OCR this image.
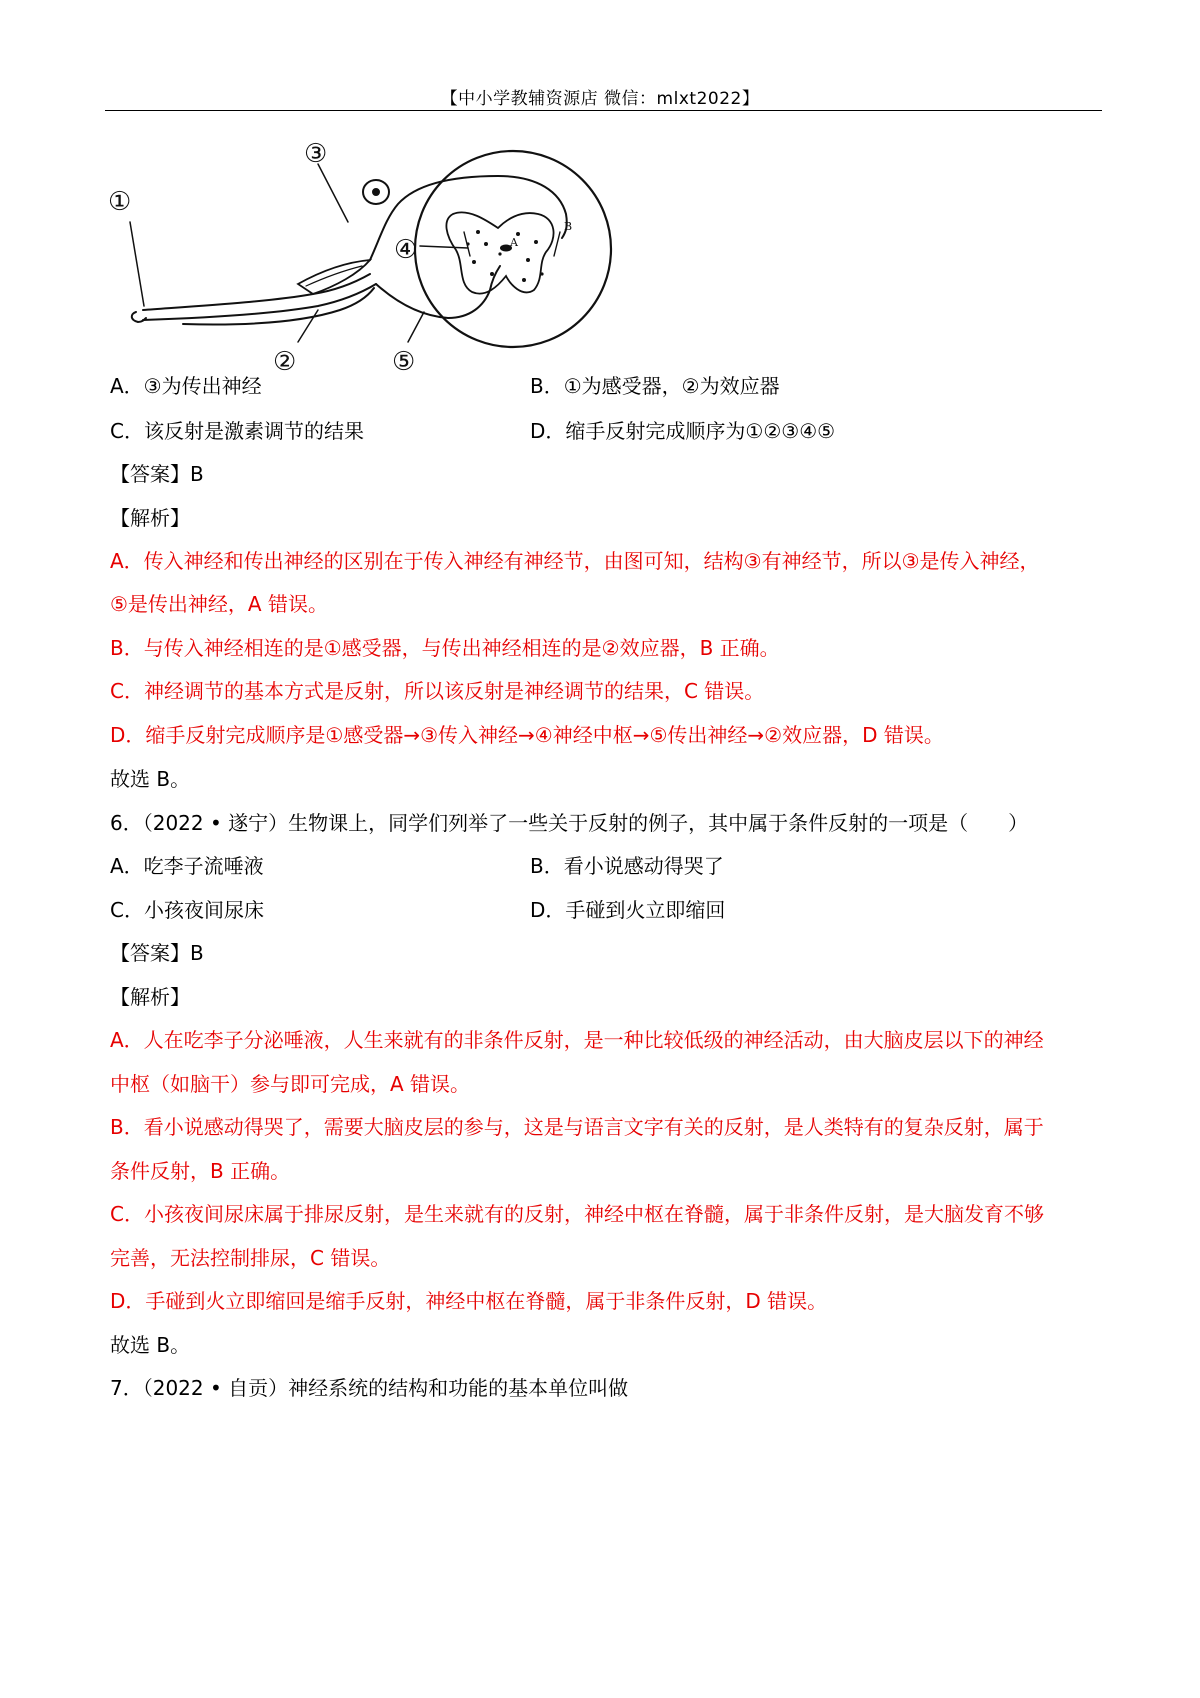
【中小学教辅资源店 微信：mlxt2022】
①
②
③
④
⑤
A
B
A．③为传出神经	B．①为感受器，②为效应器
C．该反射是激素调节的结果	D．缩手反射完成顺序为①②③④⑤
【答案】B
【解析】
A．传入神经和传出神经的区别在于传入神经有神经节，由图可知，结构③有神经节，所以③是传入神经，
⑤是传出神经，A 错误。
B．与传入神经相连的是①感受器，与传出神经相连的是②效应器，B 正确。
C．神经调节的基本方式是反射，所以该反射是神经调节的结果，C 错误。
D．缩手反射完成顺序是①感受器→③传入神经→④神经中枢→⑤传出神经→②效应器，D 错误。
故选 B。
6．（2022 • 遂宁）生物课上，同学们列举了一些关于反射的例子，其中属于条件反射的一项是（　　）
A．吃李子流唾液	B．看小说感动得哭了
C．小孩夜间尿床	D．手碰到火立即缩回
【答案】B
【解析】
A．人在吃李子分泌唾液，人生来就有的非条件反射，是一种比较低级的神经活动，由大脑皮层以下的神经
中枢（如脑干）参与即可完成，A 错误。
B．看小说感动得哭了，需要大脑皮层的参与，这是与语言文字有关的反射，是人类特有的复杂反射，属于
条件反射，B 正确。
C．小孩夜间尿床属于排尿反射，是生来就有的反射，神经中枢在脊髓，属于非条件反射，是大脑发育不够
完善，无法控制排尿，C 错误。
D．手碰到火立即缩回是缩手反射，神经中枢在脊髓，属于非条件反射，D 错误。
故选 B。
7．（2022 • 自贡）神经系统的结构和功能的基本单位叫做
